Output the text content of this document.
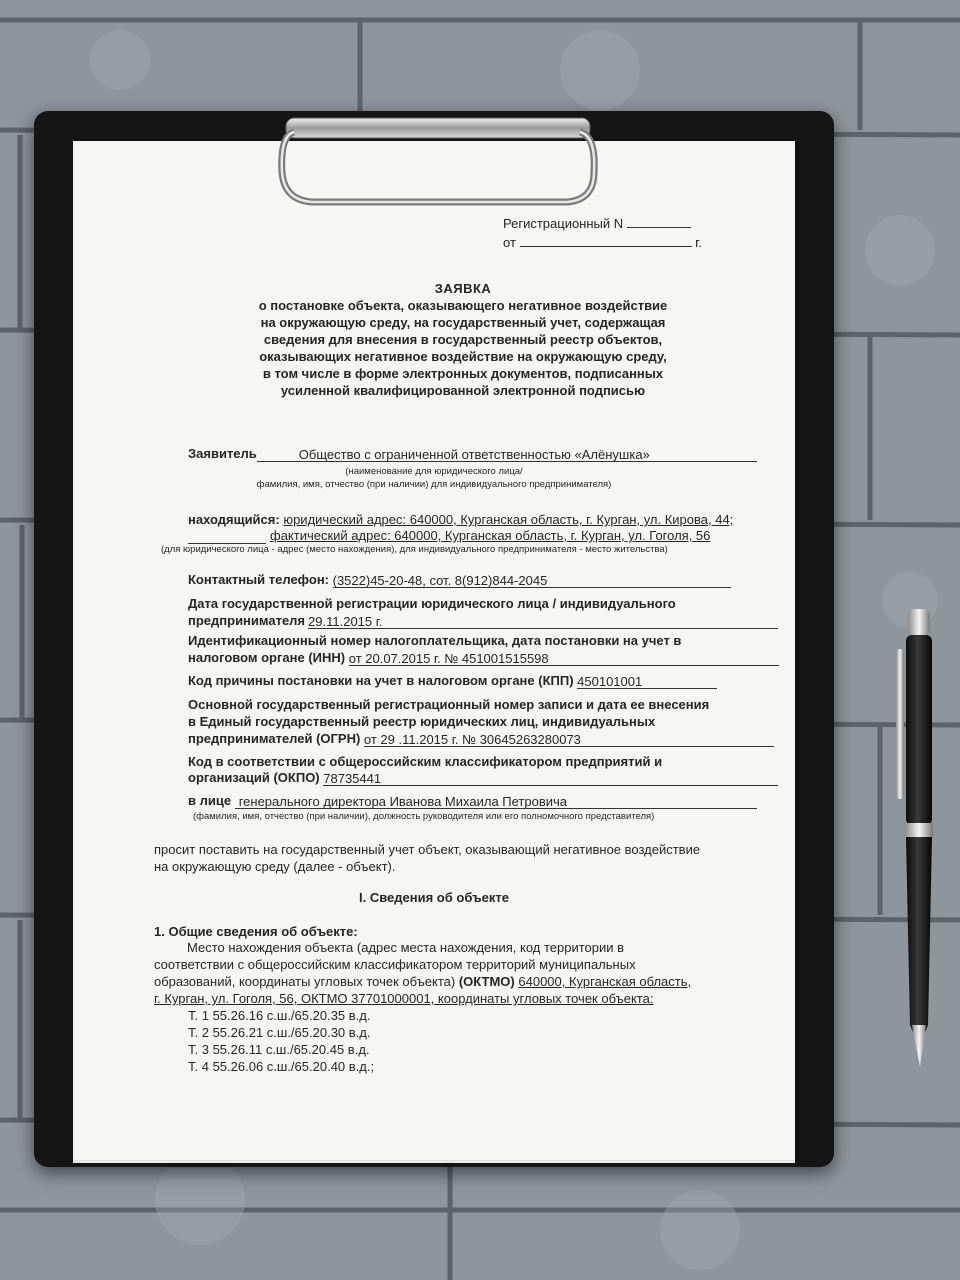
Регистрационный N
от	г.
ЗАЯВКА
о постановке объекта, оказывающего негативное воздействие
на окружающую среду, на государственный учет, содержащая
сведения для внесения в государственный реестр объектов,
оказывающих негативное воздействие на окружающую среду,
в том числе в форме электронных документов, подписанных
усиленной квалифицированной электронной подписью
Заявитель	Общество с ограниченной ответственностью «Алёнушка»
(наименование для юридического лица/
фамилия, имя, отчество (при наличии) для индивидуального предпринимателя)
находящийся: юридический адрес: 640000, Курганская область, г. Курган, ул. Кирова, 44;
фактический адрес: 640000, Курганская область, г. Курган, ул. Гоголя, 56
(для юридического лица - адрес (место нахождения), для индивидуального предпринимателя - место жительства)
Контактный телефон: (3522)45-20-48, сот. 8(912)844-2045
Дата государственной регистрации юридического лица / индивидуального
предпринимателя 29.11.2015 г.
Идентификационный номер налогоплательщика, дата постановки на учет в
налоговом органе (ИНН) от 20.07.2015 г. № 451001515598
Код причины постановки на учет в налоговом органе (КПП) 450101001
Основной государственный регистрационный номер записи и дата ее внесения
в Единый государственный реестр юридических лиц, индивидуальных
предпринимателей (ОГРН) от 29 .11.2015 г. № 30645263280073
Код в соответствии с общероссийским классификатором предприятий и
организаций (ОКПО) 78735441
в лице генерального директора Иванова Михаила Петровича
(фамилия, имя, отчество (при наличии), должность руководителя или его полномочного представителя)
просит поставить на государственный учет объект, оказывающий негативное воздействие
на окружающую среду (далее - объект).
I. Сведения об объекте
1. Общие сведения об объекте:
Место нахождения объекта (адрес места нахождения, код территории в
соответствии с общероссийским классификатором территорий муниципальных
образований, координаты угловых точек объекта) (ОКТМО) 640000, Курганская область,
г. Курган, ул. Гоголя, 56, ОКТМО 37701000001, координаты угловых точек объекта:
Т. 1 55.26.16 с.ш./65.20.35 в.д.
Т. 2 55.26.21 с.ш./65.20.30 в.д.
Т. 3 55.26.11 с.ш./65.20.45 в.д.
Т. 4 55.26.06 с.ш./65.20.40 в.д.;
